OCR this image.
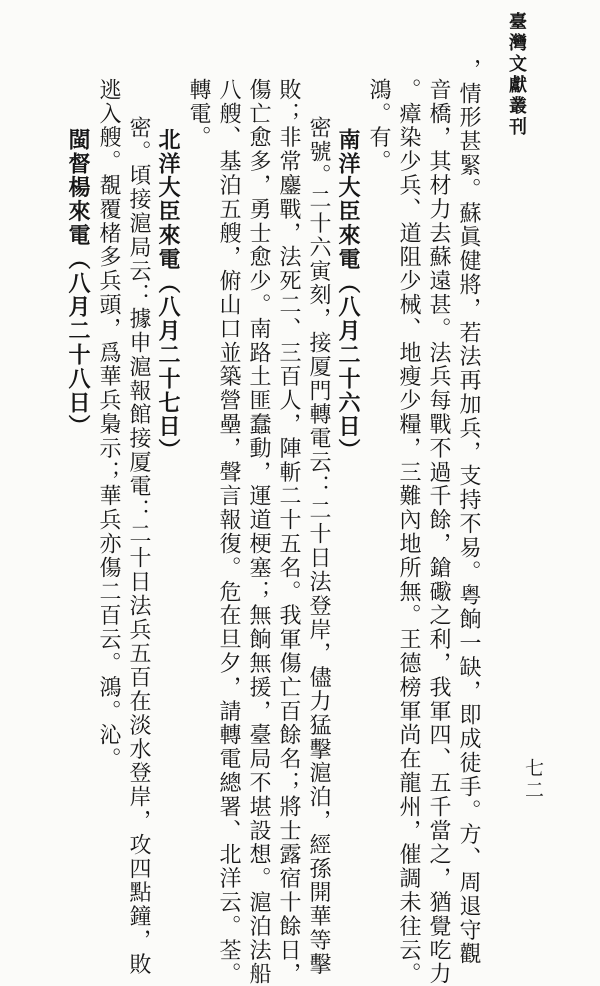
臺灣文獻叢刊
七二
，情形甚緊。蘇眞健將，若法再加兵，支持不易。粤餉一缺，即成徒手。方、周退守觀
音橋，其材力去蘇遠甚。法兵每戰不過千餘，鎗礮之利，我軍四、五千當之，猶覺吃力
。瘴染少兵、道阻少械、地瘦少糧，三難內地所無。王德榜軍尚在龍州，催調未往云。
鴻。有。
南洋大臣來電（八月二十六日）
密號。二十六寅刻，接厦門轉電云：二十日法登岸，儘力猛擊滬泊，經孫開華等擊
敗；非常鏖戰，法死二、三百人，陣斬二十五名。我軍傷亡百餘名；將士露宿十餘日，
傷亡愈多，勇士愈少。南路土匪蠢動，運道梗塞；無餉無援，臺局不堪設想。滬泊法船
八艘、基泊五艘，俯山口並築營壘，聲言報復。危在旦夕，請轉電總署、北洋云。荃。
轉電。
北洋大臣來電（八月二十七日）
密。頃接滬局云：據申滬報館接厦電：二十日法兵五百在淡水登岸，攻四點鐘，敗
逃入艘。覩覆楮多兵頭，爲華兵梟示；華兵亦傷二百云。鴻。沁。
閩督楊來電（八月二十八日）
